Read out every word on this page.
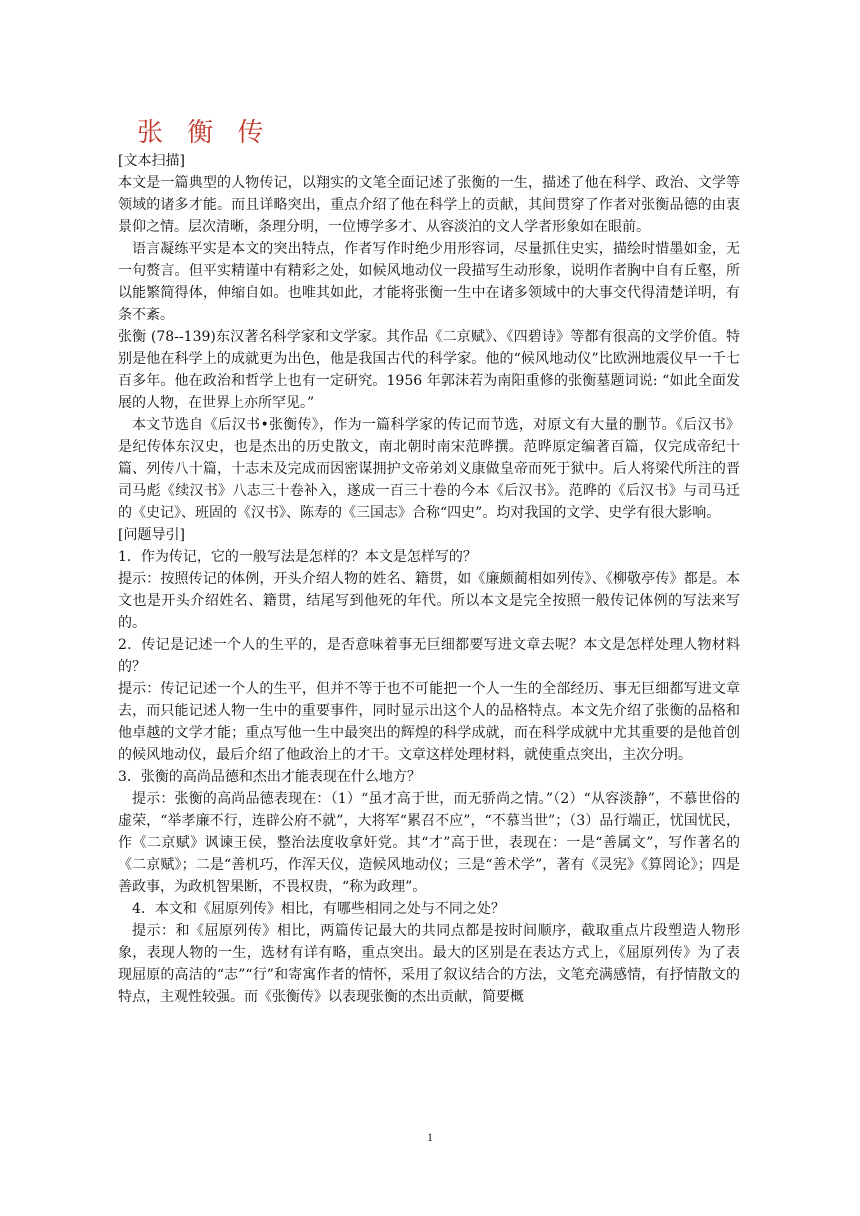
张 衡 传

[文本扫描]

本文是一篇典型的人物传记，以翔实的文笔全面记述了张衡的一生，描述了他在科学、政治、文学等领域的诸多才能。而且详略突出，重点介绍了他在科学上的贡献，其间贯穿了作者对张衡品德的由衷景仰之情。层次清晰，条理分明，一位博学多才、从容淡泊的文人学者形象如在眼前。

语言凝练平实是本文的突出特点，作者写作时绝少用形容词，尽量抓住史实，描绘时惜墨如金，无一句赘言。但平实精谨中有精彩之处，如候风地动仪一段描写生动形象，说明作者胸中自有丘壑，所以能繁简得体，伸缩自如。也唯其如此，才能将张衡一生中在诸多领域中的大事交代得清楚详明，有条不紊。

张衡 (78--139)东汉著名科学家和文学家。其作品《二京赋》、《四碧诗》等都有很高的文学价值。特别是他在科学上的成就更为出色，他是我国古代的科学家。他的“候风地动仪”比欧洲地震仪早一千七百多年。他在政治和哲学上也有一定研究。1956 年郭沫若为南阳重修的张衡墓题词说: “如此全面发展的人物，在世界上亦所罕见。”

本文节选自《后汉书•张衡传》，作为一篇科学家的传记而节选，对原文有大量的删节。《后汉书》是纪传体东汉史，也是杰出的历史散文，南北朝时南宋范晔撰。范晔原定编著百篇，仅完成帝纪十篇、列传八十篇，十志未及完成而因密谋拥护文帝弟刘义康做皇帝而死于狱中。后人将梁代所注的晋司马彪《续汉书》八志三十卷补入，遂成一百三十卷的今本《后汉书》。范晔的《后汉书》与司马迁的《史记》、班固的《汉书》、陈寿的《三国志》合称“四史”。均对我国的文学、史学有很大影响。

[问题导引]

1．作为传记，它的一般写法是怎样的？本文是怎样写的？

提示：按照传记的体例，开头介绍人物的姓名、籍贯，如《廉颇蔺相如列传》、《柳敬亭传》都是。本文也是开头介绍姓名、籍贯，结尾写到他死的年代。所以本文是完全按照一般传记体例的写法来写的。

2．传记是记述一个人的生平的，是否意味着事无巨细都要写进文章去呢？本文是怎样处理人物材料的？

提示：传记记述一个人的生平，但并不等于也不可能把一个人一生的全部经历、事无巨细都写进文章去，而只能记述人物一生中的重要事件，同时显示出这个人的品格特点。本文先介绍了张衡的品格和他卓越的文学才能；重点写他一生中最突出的辉煌的科学成就，而在科学成就中尤其重要的是他首创的候风地动仪，最后介绍了他政治上的才干。文章这样处理材料，就使重点突出，主次分明。

3．张衡的高尚品德和杰出才能表现在什么地方？

提示：张衡的高尚品德表现在：（1）“虽才高于世，而无骄尚之情。”（2）“从容淡静”，不慕世俗的虚荣，“举孝廉不行，连辟公府不就”，大将军“累召不应”，“不慕当世”；（3）品行端正，忧国忧民，作《二京赋》讽谏王侯，整治法度收拿奸党。其“才”高于世，表现在：一是“善属文”，写作著名的《二京赋》；二是“善机巧，作浑天仪，造候风地动仪；三是“善术学”，著有《灵宪》《算罔论》；四是善政事，为政机智果断，不畏权贵，“称为政理”。

4．本文和《屈原列传》相比，有哪些相同之处与不同之处？

提示：和《屈原列传》相比，两篇传记最大的共同点都是按时间顺序，截取重点片段塑造人物形象，表现人物的一生，选材有详有略，重点突出。最大的区别是在表达方式上，《屈原列传》为了表现屈原的高洁的“志”“行”和寄寓作者的情怀，采用了叙议结合的方法，文笔充满感情，有抒情散文的特点，主观性较强。而《张衡传》以表现张衡的杰出贡献，简要概

1
